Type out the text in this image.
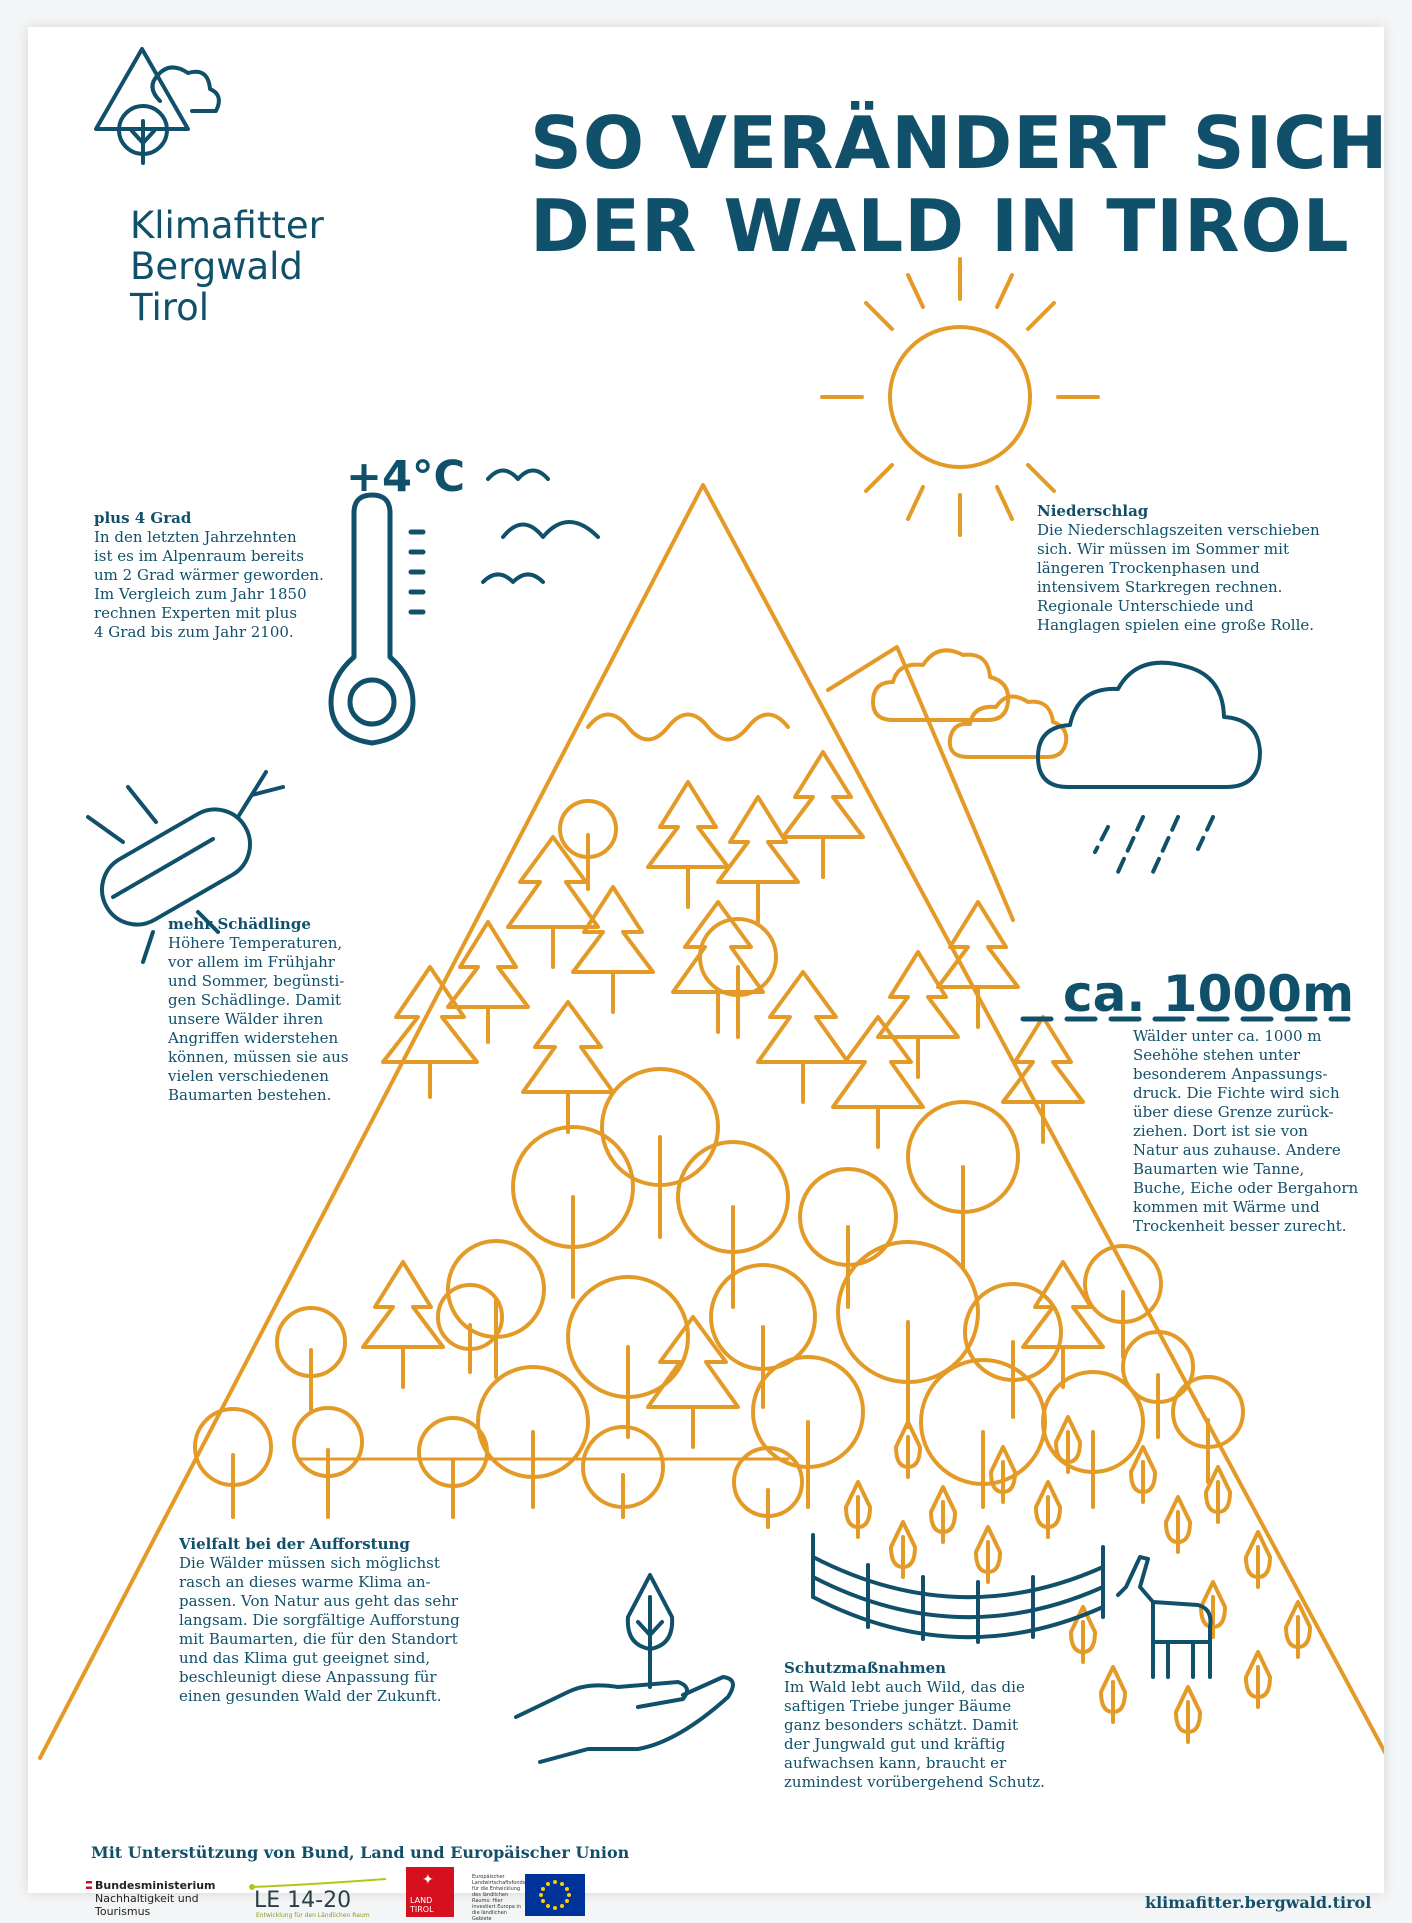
Klimafitter
Bergwald
Tirol
SO VERÄNDERT SICH
DER WALD IN TIROL
+4°C
ca. 1000m
plus 4 Grad

In den letzten Jahrzehnten

ist es im Alpenraum bereits

um 2 Grad wärmer geworden.

Im Vergleich zum Jahr 1850

rechnen Experten mit plus

4 Grad bis zum Jahr 2100.

Niederschlag

Die Niederschlagszeiten verschieben

sich. Wir müssen im Sommer mit

längeren Trockenphasen und

intensivem Starkregen rechnen.

Regionale Unterschiede und

Hanglagen spielen eine große Rolle.

mehr Schädlinge

Höhere Temperaturen,

vor allem im Frühjahr

und Sommer, begünsti-

gen Schädlinge. Damit

unsere Wälder ihren

Angriffen widerstehen

können, müssen sie aus

vielen verschiedenen

Baumarten bestehen.

Wälder unter ca. 1000 m

Seehöhe stehen unter

besonderem Anpassungs-

druck. Die Fichte wird sich

über diese Grenze zurück-

ziehen. Dort ist sie von

Natur aus zuhause. Andere

Baumarten wie Tanne,

Buche, Eiche oder Bergahorn

kommen mit Wärme und

Trockenheit besser zurecht.

Vielfalt bei der Aufforstung

Die Wälder müssen sich möglichst

rasch an dieses warme Klima an-

passen. Von Natur aus geht das sehr

langsam. Die sorgfältige Aufforstung

mit Baumarten, die für den Standort

und das Klima gut geeignet sind,

beschleunigt diese Anpassung für

einen gesunden Wald der Zukunft.

Schutzmaßnahmen

Im Wald lebt auch Wild, das die

saftigen Triebe junger Bäume

ganz besonders schätzt. Damit

der Jungwald gut und kräftig

aufwachsen kann, braucht er

zumindest vorübergehend Schutz.

Mit Unterstützung von Bund, Land und Europäischer Union
Bundesministerium
Nachhaltigkeit und
Tourismus	LE 14-20
Entwicklung für den Ländlichen Raum
✦
LAND
TIROL
Europäischer Landwirtschaftsfonds für die Entwicklung des ländlichen Raums: Hier investiert Europa in die ländlichen Gebiete
klimafitter.bergwald.tirol
